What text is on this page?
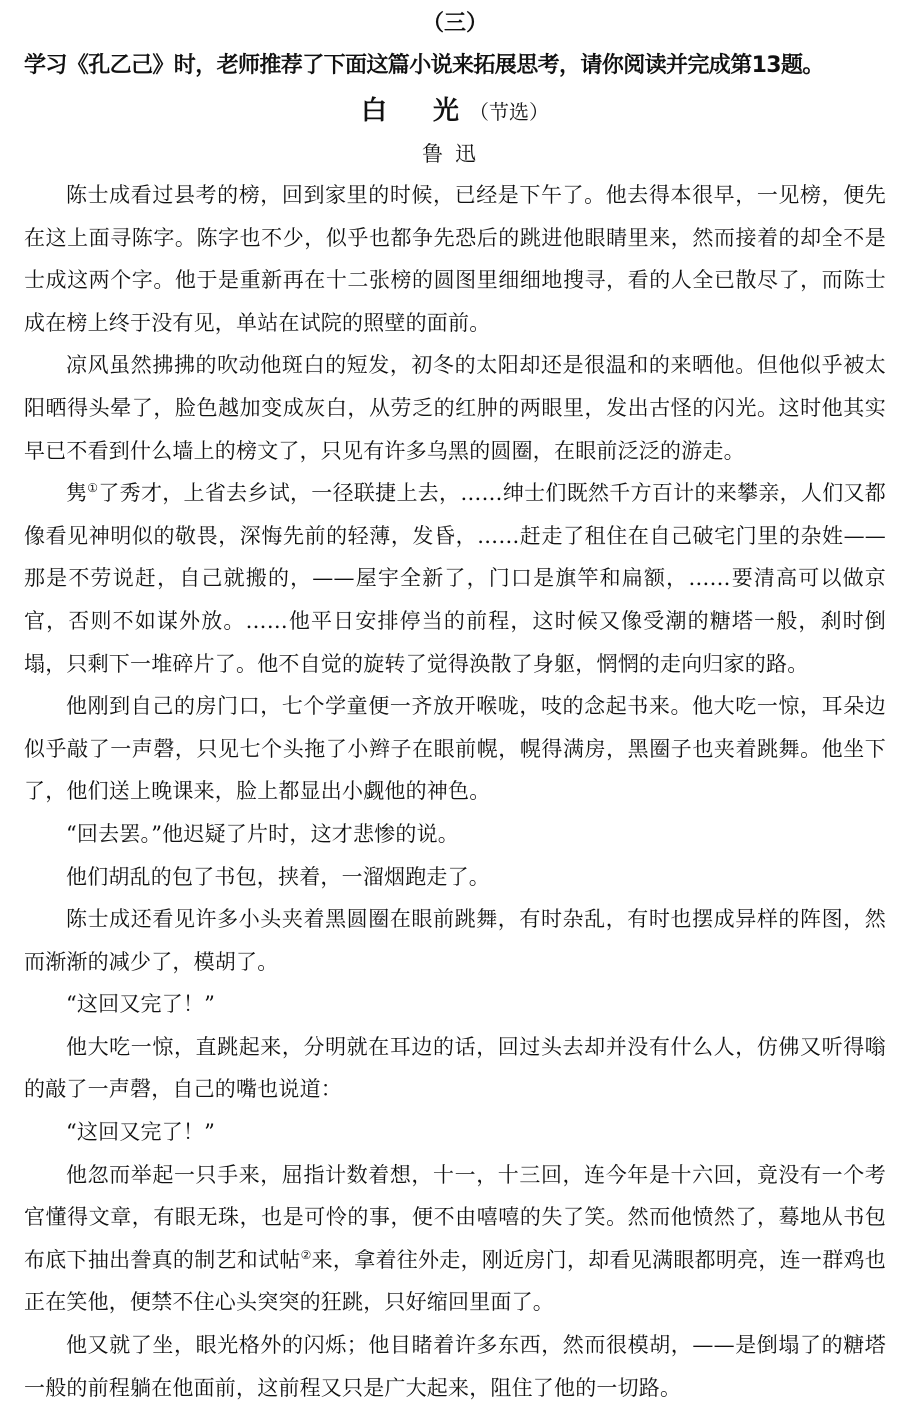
（三）
学习《孔乙己》时，老师推荐了下面这篇小说来拓展思考，请你阅读并完成第13题。
白　光（节选）
鲁迅

陈士成看过县考的榜，回到家里的时候，已经是下午了。他去得本很早，一见榜，便先在这上面寻陈字。陈字也不少，似乎也都争先恐后的跳进他眼睛里来，然而接着的却全不是士成这两个字。他于是重新再在十二张榜的圆图里细细地搜寻，看的人全已散尽了，而陈士成在榜上终于没有见，单站在试院的照壁的面前。

凉风虽然拂拂的吹动他斑白的短发，初冬的太阳却还是很温和的来晒他。但他似乎被太阳晒得头晕了，脸色越加变成灰白，从劳乏的红肿的两眼里，发出古怪的闪光。这时他其实早已不看到什么墙上的榜文了，只见有许多乌黑的圆圈，在眼前泛泛的游走。

隽①了秀才，上省去乡试，一径联捷上去，……绅士们既然千方百计的来攀亲，人们又都像看见神明似的敬畏，深悔先前的轻薄，发昏，……赶走了租住在自己破宅门里的杂姓——那是不劳说赶，自己就搬的，——屋宇全新了，门口是旗竿和扁额，……要清高可以做京官，否则不如谋外放。……他平日安排停当的前程，这时候又像受潮的糖塔一般，刹时倒塌，只剩下一堆碎片了。他不自觉的旋转了觉得涣散了身躯，惘惘的走向归家的路。

他刚到自己的房门口，七个学童便一齐放开喉咙，吱的念起书来。他大吃一惊，耳朵边似乎敲了一声磬，只见七个头拖了小辫子在眼前幌，幌得满房，黑圈子也夹着跳舞。他坐下了，他们送上晚课来，脸上都显出小觑他的神色。

“回去罢。”他迟疑了片时，这才悲惨的说。

他们胡乱的包了书包，挟着，一溜烟跑走了。

陈士成还看见许多小头夹着黑圆圈在眼前跳舞，有时杂乱，有时也摆成异样的阵图，然而渐渐的减少了，模胡了。

“这回又完了！”

他大吃一惊，直跳起来，分明就在耳边的话，回过头去却并没有什么人，仿佛又听得嗡的敲了一声磬，自己的嘴也说道：

“这回又完了！”

他忽而举起一只手来，屈指计数着想，十一，十三回，连今年是十六回，竟没有一个考官懂得文章，有眼无珠，也是可怜的事，便不由嘻嘻的失了笑。然而他愤然了，蓦地从书包布底下抽出誊真的制艺和试帖②来，拿着往外走，刚近房门，却看见满眼都明亮，连一群鸡也正在笑他，便禁不住心头突突的狂跳，只好缩回里面了。

他又就了坐，眼光格外的闪烁；他目睹着许多东西，然而很模胡，——是倒塌了的糖塔一般的前程躺在他面前，这前程又只是广大起来，阻住了他的一切路。
